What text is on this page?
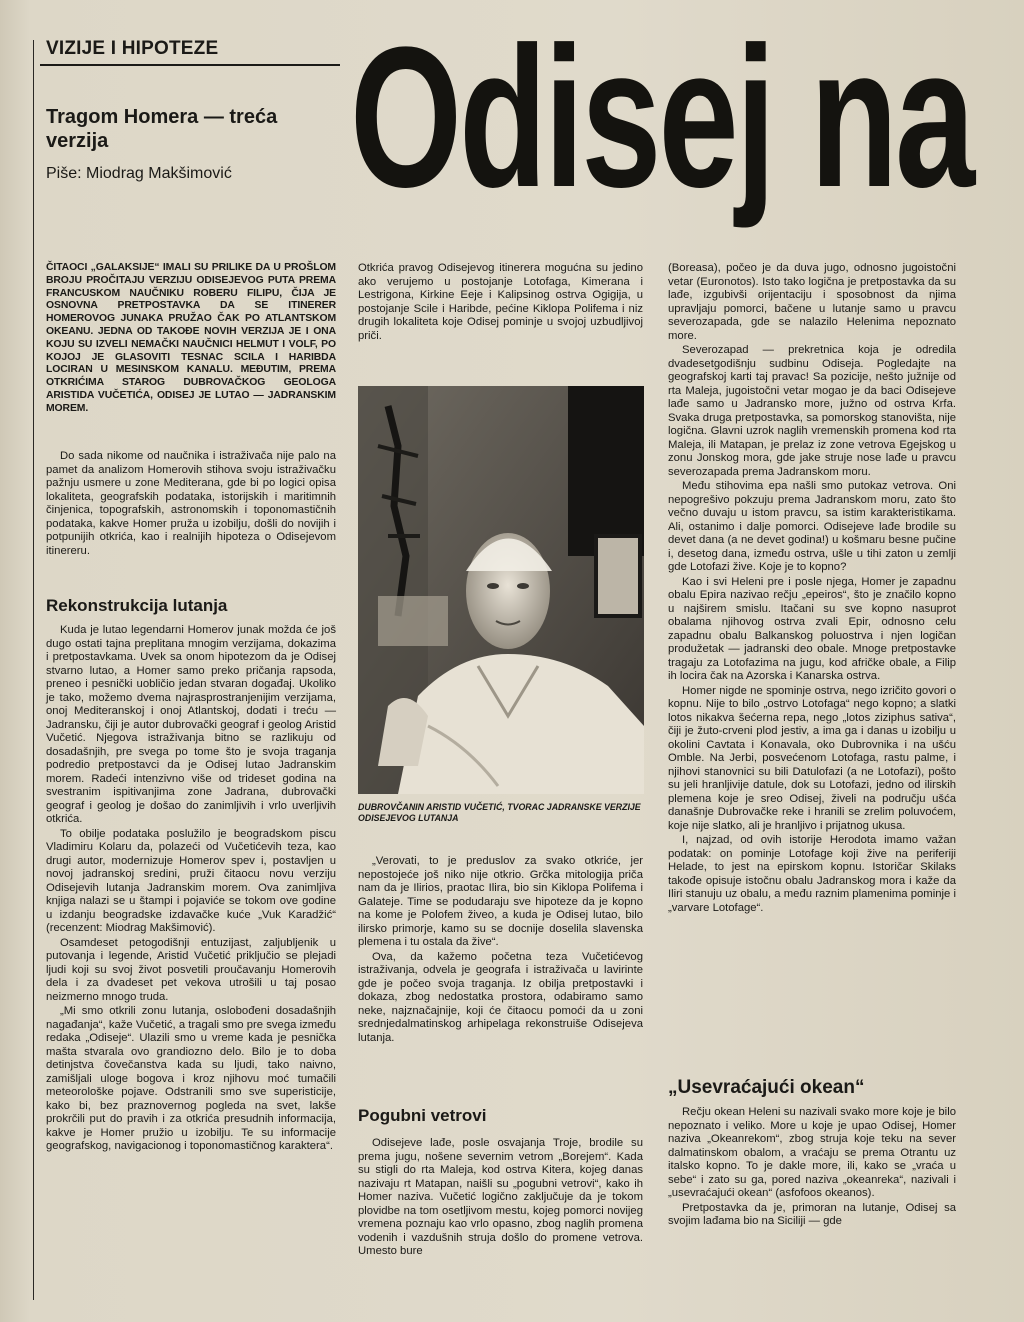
VIZIJE I HIPOTEZE
Tragom Homera — treća verzija
Piše: Miodrag Makšimović Odisej na
ČITAOCI „GALAKSIJE“ IMALI SU PRILIKE DA U PROŠLOM BROJU PROČITAJU VERZIJU ODISEJEVOG PUTA PREMA FRANCUSKOM NAUČNIKU ROBERU FILIPU, ČIJA JE OSNOVNA PRETPOSTAVKA DA SE ITINERER HOMEROVOG JUNAKA PRUŽAO ČAK PO ATLANTSKOM OKEANU. JEDNA OD TAKOĐE NOVIH VERZIJA JE I ONA KOJU SU IZVELI NEMAČKI NAUČNICI HELMUT I VOLF, PO KOJOJ JE GLASOVITI TESNAC SCILA I HARIBDA LOCIRAN U MESINSKOM KANALU. MEĐUTIM, PREMA OTKRIĆIMA STAROG DUBROVAČKOG GEOLOGA ARISTIDA VUČETIĆA, ODISEJ JE LUTAO — JADRANSKIM MOREM.

Do sada nikome od naučnika i istraživača nije palo na pamet da analizom Homerovih stihova svoju istraživačku pažnju usmere u zone Mediterana, gde bi po logici opisa lokaliteta, geografskih podataka, istorijskih i maritimnih činjenica, topografskih, astronomskih i toponomastičnih podataka, kakve Homer pruža u izobilju, došli do novijih i potpunijih otkrića, kao i realnijih hipoteza o Odisejevom itinereru.

Rekonstrukcija lutanja

Kuda je lutao legendarni Homerov junak možda će još dugo ostati tajna preplitana mnogim verzijama, dokazima i pretpostavkama. Uvek sa onom hipotezom da je Odisej stvarno lutao, a Homer samo preko pričanja rapsoda, preneo i pesnički uobličio jedan stvaran događaj. Ukoliko je tako, možemo dvema najrasprostranjenijim verzijama, onoj Mediteranskoj i onoj Atlantskoj, dodati i treću — Jadransku, čiji je autor dubrovački geograf i geolog Aristid Vučetić. Njegova istraživanja bitno se razlikuju od dosadašnjih, pre svega po tome što je svoja traganja podredio pretpostavci da je Odisej lutao Jadranskim morem. Radeći intenzivno više od trideset godina na svestranim ispitivanjima zone Jadrana, dubrovački geograf i geolog je došao do zanimljivih i vrlo uverljivih otkrića.

To obilje podataka poslužilo je beogradskom piscu Vladimiru Kolaru da, polazeći od Vučetićevih teza, kao drugi autor, modernizuje Homerov spev i, postavljen u novoj jadranskoj sredini, pruži čitaocu novu verziju Odisejevih lutanja Jadranskim morem. Ova zanimljiva knjiga nalazi se u štampi i pojaviće se tokom ove godine u izdanju beogradske izdavačke kuće „Vuk Karadžić“ (recenzent: Miodrag Makšimović).

Osamdeset petogodišnji entuzijast, zaljubljenik u putovanja i legende, Aristid Vučetić priključio se plejadi ljudi koji su svoj život posvetili proučavanju Homerovih dela i za dvadeset pet vekova utrošili u taj posao neizmerno mnogo truda.

„Mi smo otkrili zonu lutanja, oslobođeni dosadašnjih nagađanja“, kaže Vučetić, a tragali smo pre svega između redaka „Odiseje“. Ulazili smo u vreme kada je pesnička mašta stvarala ovo grandiozno delo. Bilo je to doba detinjstva čovečanstva kada su ljudi, tako naivno, zamišljali uloge bogova i kroz njihovu moć tumačili meteorološke pojave. Odstranili smo sve superisticije, kako bi, bez praznovernog pogleda na svet, lakše prokrčili put do pravih i za otkrića presudnih informacija, kakve je Homer pružio u izobilju. Te su informacije geografskog, navigacionog i toponomastičnog karaktera“.

Otkrića pravog Odisejevog itinerera mogućna su jedino ako verujemo u postojanje Lotofaga, Kimerana i Lestrigona, Kirkine Eeje i Kalipsinog ostrva Ogigija, u postojanje Scile i Haribde, pećine Kiklopa Polifema i niz drugih lokaliteta koje Odisej pominje u svojoj uzbudljivoj priči.

DUBROVČANIN ARISTID VUČETIĆ, TVORAC JADRANSKE VERZIJE ODISEJEVOG LUTANJA

„Verovati, to je preduslov za svako otkriće, jer nepostojeće još niko nije otkrio. Grčka mitologija priča nam da je Ilirios, praotac Ilira, bio sin Kiklopa Polifema i Galateje. Time se podudaraju sve hipoteze da je kopno na kome je Polofem živeo, a kuda je Odisej lutao, bilo ilirsko primorje, kamo su se docnije doselila slavenska plemena i tu ostala da žive“.

Ova, da kažemo početna teza Vučetićevog istraživanja, odvela je geografa i istraživača u lavirinte gde je počeo svoja traganja. Iz obilja pretpostavki i dokaza, zbog nedostatka prostora, odabiramo samo neke, najznačajnije, koji će čitaocu pomoći da u zoni srednjedalmatinskog arhipelaga rekonstruiše Odisejeva lutanja.

Pogubni vetrovi

Odisejeve lađe, posle osvajanja Troje, brodile su prema jugu, nošene severnim vetrom „Borejem“. Kada su stigli do rta Maleja, kod ostrva Kitera, kojeg danas nazivaju rt Matapan, naišli su „pogubni vetrovi“, kako ih Homer naziva. Vučetić logično zaključuje da je tokom plovidbe na tom osetljivom mestu, kojeg pomorci novijeg vremena poznaju kao vrlo opasno, zbog naglih promena vodenih i vazdušnih struja došlo do promene vetrova. Umesto bure

(Boreasa), počeo je da duva jugo, odnosno jugoistočni vetar (Euronotos). Isto tako logična je pretpostavka da su lađe, izgubivši orijentaciju i sposobnost da njima upravljaju pomorci, bačene u lutanje samo u pravcu severozapada, gde se nalazilo Helenima nepoznato more.

Severozapad — prekretnica koja je odredila dvadesetgodišnju sudbinu Odiseja. Pogledajte na geografskoj karti taj pravac! Sa pozicije, nešto južnije od rta Maleja, jugoistočni vetar mogao je da baci Odiseјeve lađe samo u Jadransko more, južno od ostrva Krfa. Svaka druga pretpostavka, sa pomorskog stanovišta, nije logična. Glavni uzrok naglih vremenskih promena kod rta Maleja, ili Matapan, je prelaz iz zone vetrova Egejskog u zonu Jonskog mora, gde jake struje nose lađe u pravcu severozapada prema Jadranskom moru.

Među stihovima epa našli smo putokaz vetrova. Oni nepogrešivo pokzuju prema Jadranskom moru, zato što večno duvaju u istom pravcu, sa istim karakteristikama. Ali, ostanimo i dalje pomorci. Odisejeve lađe brodile su devet dana (a ne devet godina!) u košmaru besne pučine i, desetog dana, između ostrva, ušle u tihi zaton u zemlji gde Lotofazi žive. Koje je to kopno?

Kao i svi Heleni pre i posle njega, Homer je zapadnu obalu Epira nazivao rečju „epeiros“, što je značilo kopno u najširem smislu. Itačani su sve kopno nasuprot obalama njihovog ostrva zvali Epir, odnosno celu zapadnu obalu Balkanskog poluostrva i njen logičan produžetak — jadranski deo obale. Mnoge pretpostavke tragaju za Lotofazima na jugu, kod afričke obale, a Filip ih locira čak na Azorska i Kanarska ostrva.

Homer nigde ne spominje ostrva, nego izričito govori o kopnu. Nije to bilo „ostrvo Lotofaga“ nego kopno; a slatki lotos nikakva šećerna repa, nego „lotos ziziphus sativa“, čiji je žuto-crveni plod jestiv, a ima ga i danas u izobilju u okolini Cavtata i Konavala, oko Dubrovnika i na ušću Omble. Na Jerbi, posvećenom Lotofaga, rastu palme, i njihovi stanovnici su bili Datulofazi (a ne Lotofazi), pošto su jeli hranljivije datule, dok su Lotofazi, jedno od ilirskih plemena koje je sreo Odisej, živeli na području ušća današnje Dubrovačke reke i hranili se zrelim poluvoćem, koje nije slatko, ali je hranljivo i prijatnog ukusa.

I, najzad, od ovih istorije Herodota imamo važan podatak: on pominje Lotofage koji žive na periferiji Helade, to jest na epirskom kopnu. Istoričar Skilaks takođe opisuje istočnu obalu Jadranskog mora i kaže da Iliri stanuju uz obalu, a među raznim plamenima pominje i „varvare Lotofage“.

„Usevraćajući okean“

Rečju okean Heleni su nazivali svako more koje je bilo nepoznato i veliko. More u koje je upao Odisej, Homer naziva „Okeanrekom“, zbog struja koje teku na sever dalmatinskom obalom, a vraćaju se prema Otrantu uz italsko kopno. To je dakle more, ili, kako se „vraća u sebe“ i zato su ga, pored naziva „okeanreka“, nazivali i „usevraćajući okean“ (asfofoos okeanos).

Pretpostavka da je, primoran na lutanje, Odisej sa svojim lađama bio na Siciliji — gde
